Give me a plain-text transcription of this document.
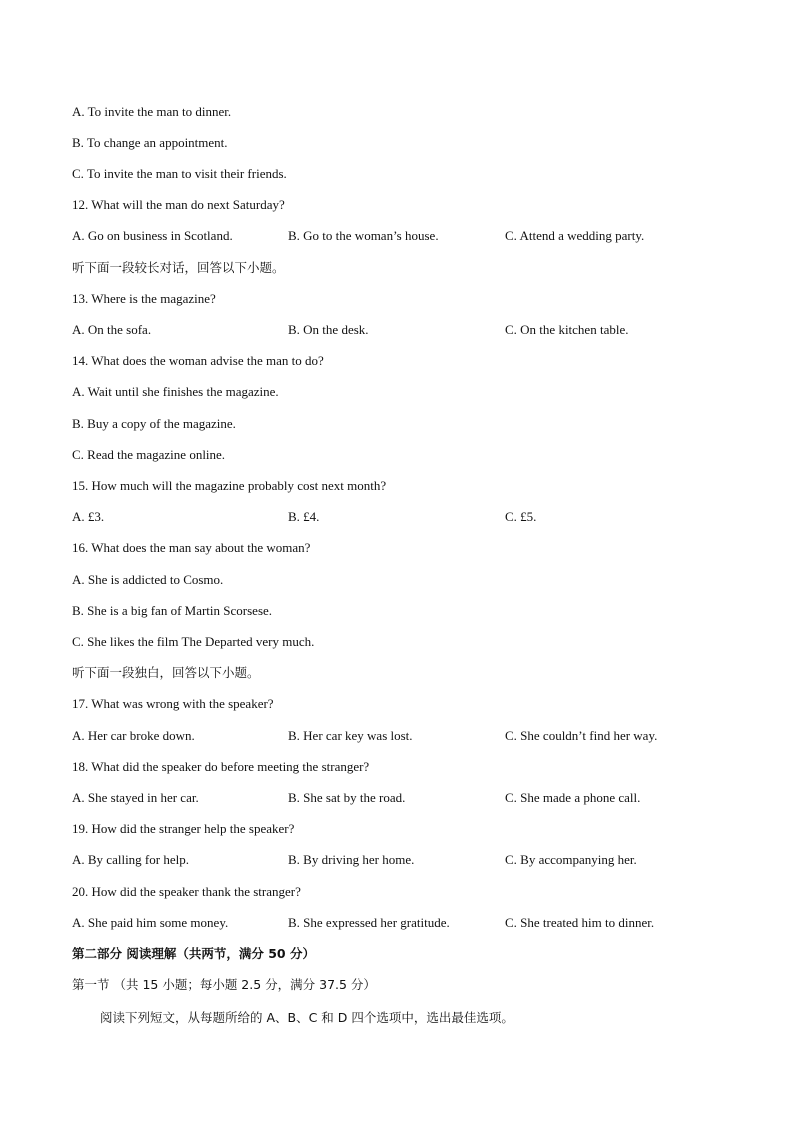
A. To invite the man to dinner.
B. To change an appointment.
C. To invite the man to visit their friends.
12. What will the man do next Saturday?
A. Go on business in Scotland.	B. Go to the woman’s house.	C. Attend a wedding party.
听下面一段较长对话，回答以下小题。
13. Where is the magazine?
A. On the sofa.	B. On the desk.	C. On the kitchen table.
14. What does the woman advise the man to do?
A. Wait until she finishes the magazine.
B. Buy a copy of the magazine.
C. Read the magazine online.
15. How much will the magazine probably cost next month?
A. £3.	B. £4.	C. £5.
16. What does the man say about the woman?
A. She is addicted to Cosmo.
B. She is a big fan of Martin Scorsese.
C. She likes the film The Departed very much.
听下面一段独白，回答以下小题。
17. What was wrong with the speaker?
A. Her car broke down.	B. Her car key was lost.	C. She couldn’t find her way.
18. What did the speaker do before meeting the stranger?
A. She stayed in her car.	B. She sat by the road.	C. She made a phone call.
19. How did the stranger help the speaker?
A. By calling for help.	B. By driving her home.	C. By accompanying her.
20. How did the speaker thank the stranger?
A. She paid him some money.	B. She expressed her gratitude.	C. She treated him to dinner.
第二部分 阅读理解（共两节，满分 50 分）
第一节 （共 15 小题；每小题 2.5 分，满分 37.5 分）
阅读下列短文，从每题所给的 A、B、C 和 D 四个选项中，选出最佳选项。
